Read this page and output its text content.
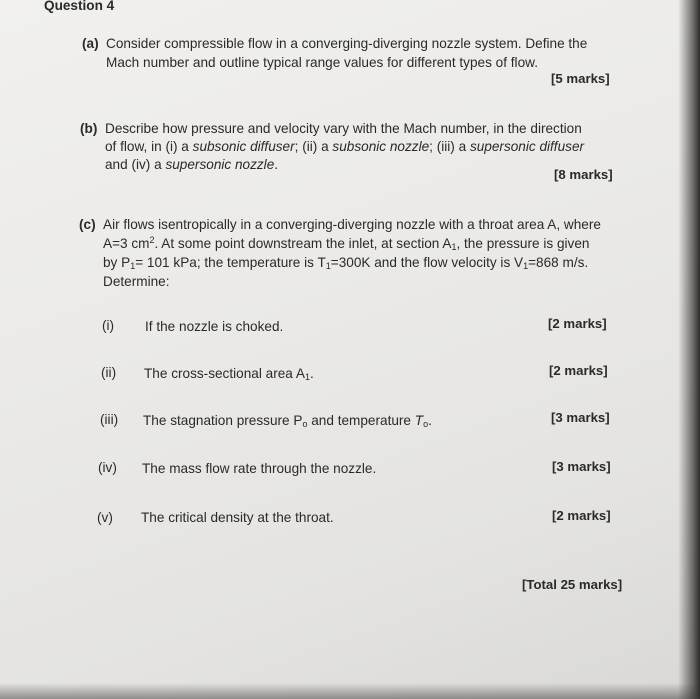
Question 4
(a) Consider compressible flow in a converging-diverging nozzle system. Define the
Mach number and outline typical range values for different types of flow.
[5 marks]
(b) Describe how pressure and velocity vary with the Mach number, in the direction
of flow, in (i) a subsonic diffuser; (ii) a subsonic nozzle; (iii) a supersonic diffuser
and (iv) a supersonic nozzle.
[8 marks]
(c) Air flows isentropically in a converging-diverging nozzle with a throat area A, where
A=3 $cm^2$. At some point downstream the inlet, at section $A_1$, the pressure is given
by $P_1= 101$ kPa; the temperature is $T_1=300K$ and the flow velocity is $V_1=868$ m/s.
Determine:
(i) If the nozzle is choked.	[2 marks]
(ii) The cross-sectional area $A_1$.	[2 marks]
(iii) The stagnation pressure $P_o$ and temperature $T_o$.	[3 marks]
(iv) The mass flow rate through the nozzle.	[3 marks]
(v) The critical density at the throat.	[2 marks]
[Total 25 marks]
